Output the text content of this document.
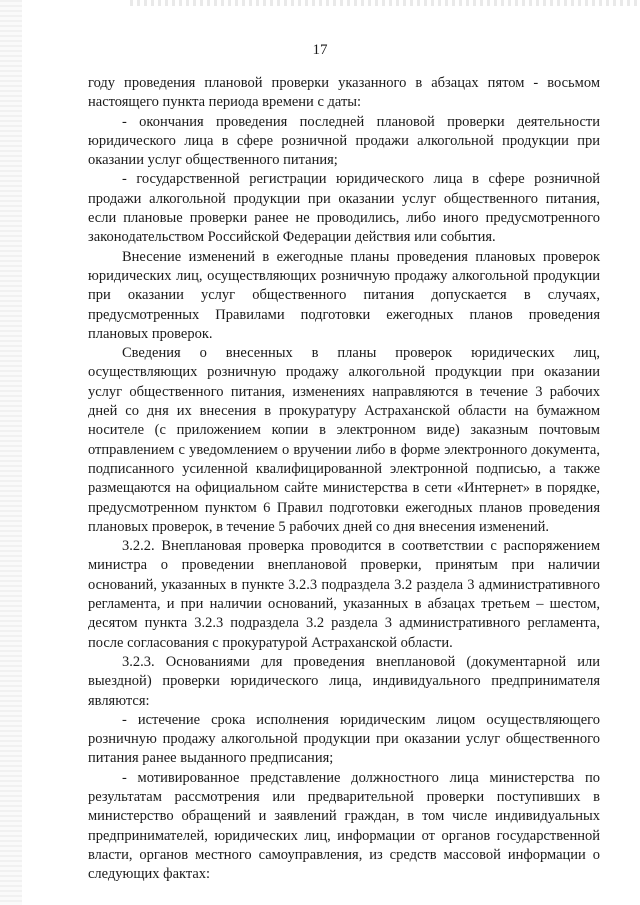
17

году проведения плановой проверки указанного в абзацах пятом - восьмом настоящего пункта периода времени с даты:

- окончания проведения последней плановой проверки деятельности юридического лица в сфере розничной продажи алкогольной продукции при оказании услуг общественного питания;

- государственной регистрации юридического лица в сфере розничной продажи алкогольной продукции при оказании услуг общественного питания, если плановые проверки ранее не проводились, либо иного предусмотренного законодательством Российской Федерации действия или события.

Внесение изменений в ежегодные планы проведения плановых проверок юридических лиц, осуществляющих розничную продажу алкогольной продукции при оказании услуг общественного питания допускается в случаях, предусмотренных Правилами подготовки ежегодных планов проведения плановых проверок.

Сведения о внесенных в планы проверок юридических лиц, осуществляющих розничную продажу алкогольной продукции при оказании услуг общественного питания, изменениях направляются в течение 3 рабочих дней со дня их внесения в прокуратуру Астраханской области на бумажном носителе (с приложением копии в электронном виде) заказным почтовым отправлением с уведомлением о вручении либо в форме электронного документа, подписанного усиленной квалифицированной электронной подписью, а также размещаются на официальном сайте министерства в сети «Интернет» в порядке, предусмотренном пунктом 6 Правил подготовки ежегодных планов проведения плановых проверок, в течение 5 рабочих дней со дня внесения изменений.

3.2.2. Внеплановая проверка проводится в соответствии с распоряжением министра о проведении внеплановой проверки, принятым при наличии оснований, указанных в пункте 3.2.3 подраздела 3.2 раздела 3 административного регламента, и при наличии оснований, указанных в абзацах третьем – шестом, десятом пункта 3.2.3 подраздела 3.2 раздела 3 административного регламента, после согласования с прокуратурой Астраханской области.

3.2.3. Основаниями для проведения внеплановой (документарной или выездной) проверки юридического лица, индивидуального предпринимателя являются:

- истечение срока исполнения юридическим лицом осуществляющего розничную продажу алкогольной продукции при оказании услуг общественного питания ранее выданного предписания;

- мотивированное представление должностного лица министерства по результатам рассмотрения или предварительной проверки поступивших в министерство обращений и заявлений граждан, в том числе индивидуальных предпринимателей, юридических лиц, информации от органов государственной власти, органов местного самоуправления, из средств массовой информации о следующих фактах:
